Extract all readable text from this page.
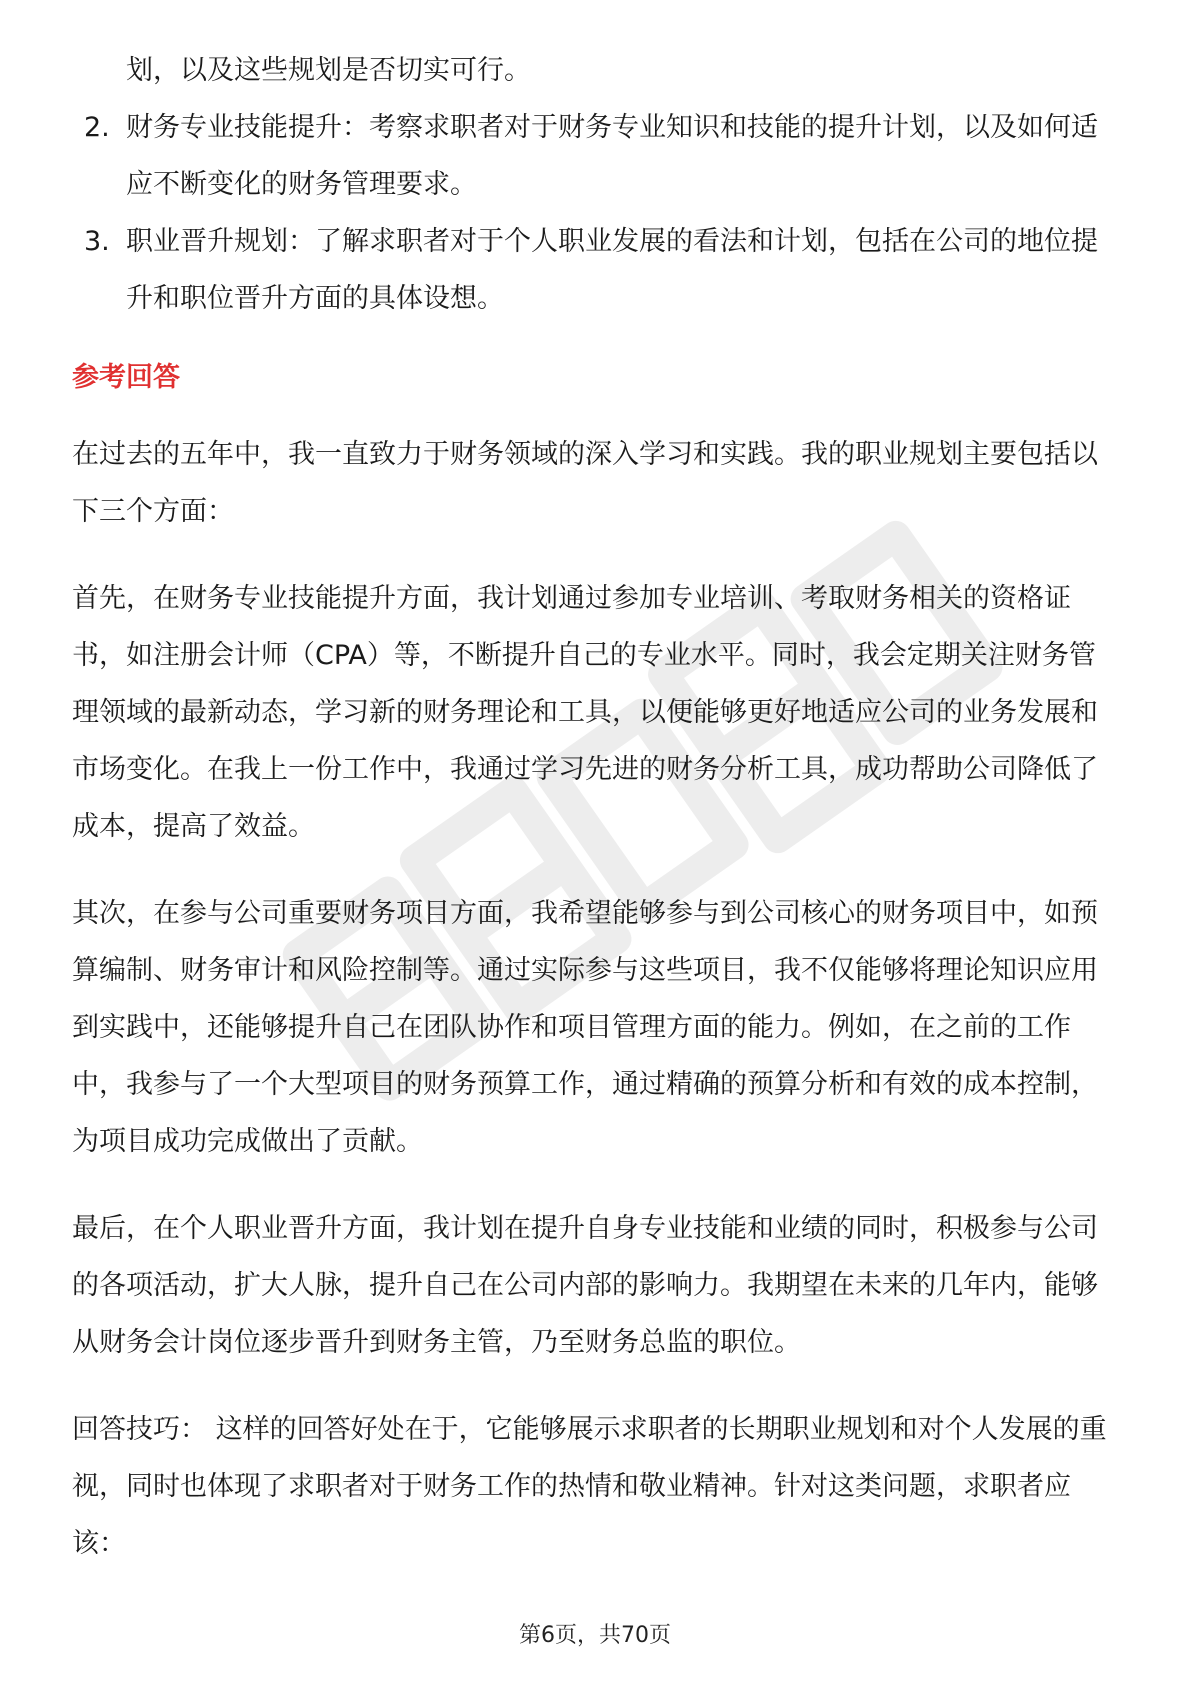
划，以及这些规划是否切实可行。

2. 财务专业技能提升：考察求职者对于财务专业知识和技能的提升计划，以及如何适应不断变化的财务管理要求。
3. 职业晋升规划：了解求职者对于个人职业发展的看法和计划，包括在公司的地位提升和职位晋升方面的具体设想。
参考回答

在过去的五年中，我一直致力于财务领域的深入学习和实践。我的职业规划主要包括以下三个方面：

首先，在财务专业技能提升方面，我计划通过参加专业培训、考取财务相关的资格证书，如注册会计师（CPA）等，不断提升自己的专业水平。同时，我会定期关注财务管理领域的最新动态，学习新的财务理论和工具，以便能够更好地适应公司的业务发展和市场变化。在我上一份工作中，我通过学习先进的财务分析工具，成功帮助公司降低了成本，提高了效益。

其次，在参与公司重要财务项目方面，我希望能够参与到公司核心的财务项目中，如预算编制、财务审计和风险控制等。通过实际参与这些项目，我不仅能够将理论知识应用到实践中，还能够提升自己在团队协作和项目管理方面的能力。例如，在之前的工作中，我参与了一个大型项目的财务预算工作，通过精确的预算分析和有效的成本控制，为项目成功完成做出了贡献。

最后，在个人职业晋升方面，我计划在提升自身专业技能和业绩的同时，积极参与公司的各项活动，扩大人脉，提升自己在公司内部的影响力。我期望在未来的几年内，能够从财务会计岗位逐步晋升到财务主管，乃至财务总监的职位。

回答技巧： 这样的回答好处在于，它能够展示求职者的长期职业规划和对个人发展的重视，同时也体现了求职者对于财务工作的热情和敬业精神。针对这类问题，求职者应该：

第6页，共70页
